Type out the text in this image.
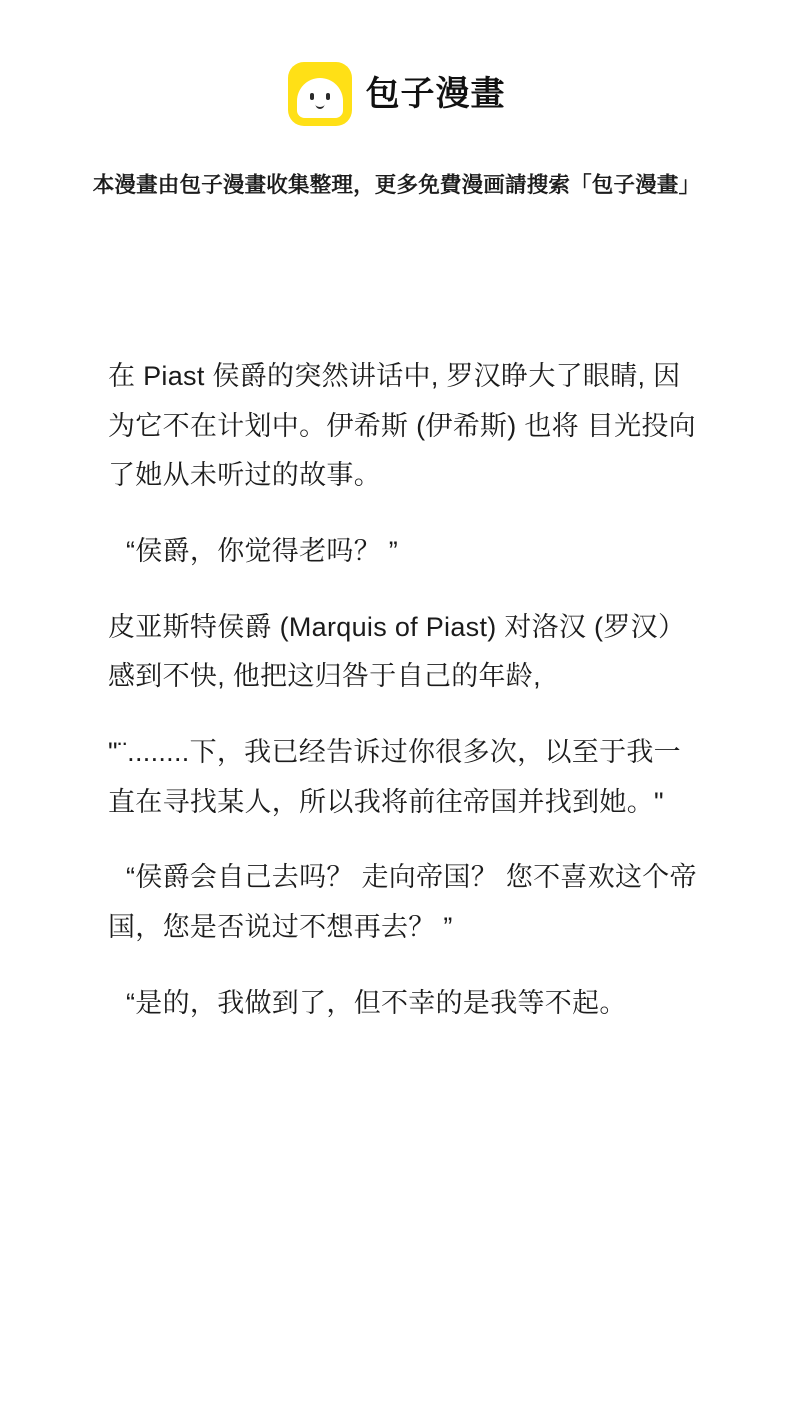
包子漫畫
本漫畫由包子漫畫收集整理，更多免費漫画請搜索「包子漫畫」

在 Piast 侯爵的突然讲话中, 罗汉睁大了眼睛, 因为它不在计划中。伊希斯 (伊希斯) 也将 目光投向了她从未听过的故事。

“侯爵，你觉得老吗？ ”

皮亚斯特侯爵 (Marquis of Piast) 对洛汉 (罗汉）感到不快, 他把这归咎于自己的年龄,

"¨........下，我已经告诉过你很多次，以至于我一直在寻找某人，所以我将前往帝国并找到她。"

“侯爵会自己去吗？ 走向帝国？ 您不喜欢这个帝国，您是否说过不想再去？ ”

“是的，我做到了，但不幸的是我等不起。
